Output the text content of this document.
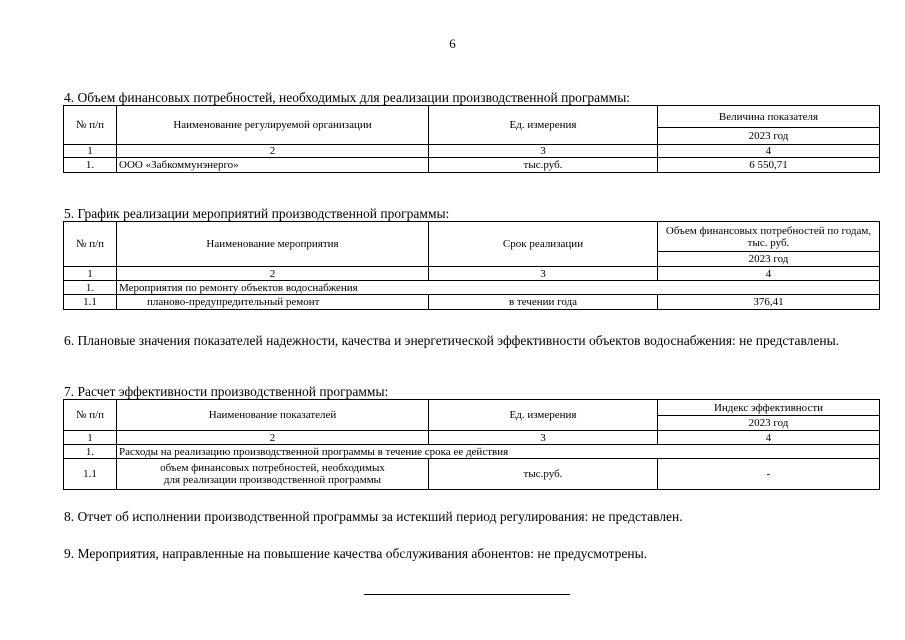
6
4. Объем финансовых потребностей, необходимых для реализации производственной программы:
№ п/п	Наименование регулируемой организации	Ед. измерения	Величина показателя
			2023 год
1	2	3	4
1.	ООО «Забкоммунэнерго»	тыс.руб.	6 550,71
5. График реализации мероприятий производственной программы:
№ п/п	Наименование мероприятия	Срок реализации	Объем финансовых потребностей по годам, тыс. руб.
			2023 год
1	2	3	4
1.	Мероприятия по ремонту объектов водоснабжения		
1.1	планово-предупредительный ремонт	в течении года	376,41
6. Плановые значения показателей надежности, качества и энергетической эффективности объектов водоснабжения: не представлены.
7. Расчет эффективности производственной программы:
№ п/п	Наименование показателей	Ед. измерения	Индекс эффективности
			2023 год
1	2	3	4
1.	Расходы на реализацию производственной программы в течение срока ее действия		
1.1	объем финансовых потребностей, необходимых
для реализации производственной программы	тыс.руб.	-
8. Отчет об исполнении производственной программы за истекший период регулирования: не представлен.
9. Мероприятия, направленные на повышение качества обслуживания абонентов: не предусмотрены.
